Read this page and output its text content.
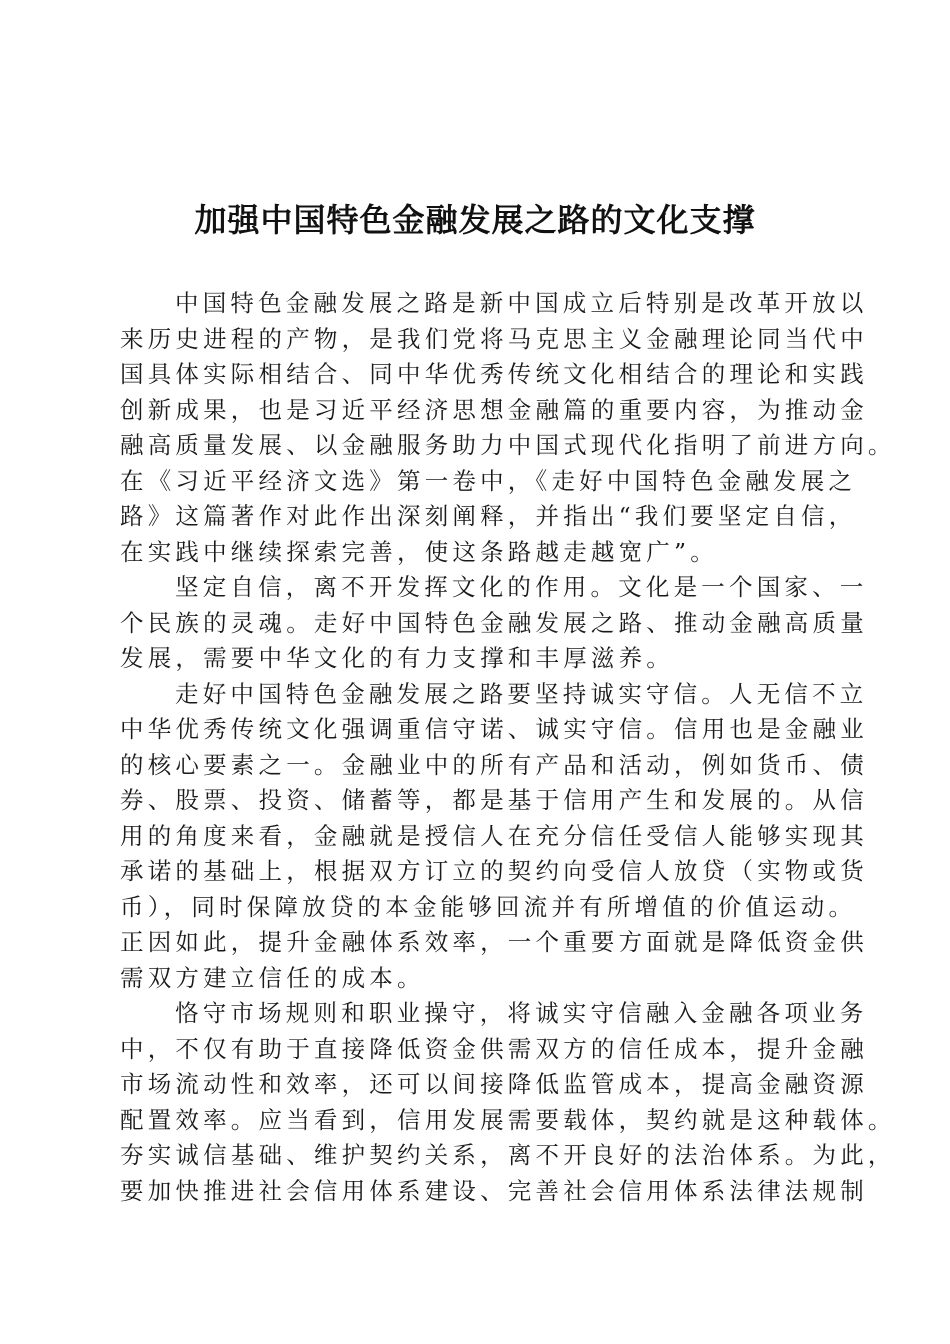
加强中国特色金融发展之路的文化支撑

中国特色金融发展之路是新中国成立后特别是改革开放以
来历史进程的产物，是我们党将马克思主义金融理论同当代中
国具体实际相结合、同中华优秀传统文化相结合的理论和实践
创新成果，也是习近平经济思想金融篇的重要内容，为推动金
融高质量发展、以金融服务助力中国式现代化指明了前进方向。
在《习近平经济文选》第一卷中，《走好中国特色金融发展之
路》这篇著作对此作出深刻阐释，并指出“我们要坚定自信，
在实践中继续探索完善，使这条路越走越宽广”。

坚定自信，离不开发挥文化的作用。文化是一个国家、一
个民族的灵魂。走好中国特色金融发展之路、推动金融高质量
发展，需要中华文化的有力支撑和丰厚滋养。

走好中国特色金融发展之路要坚持诚实守信。人无信不立
中华优秀传统文化强调重信守诺、诚实守信。信用也是金融业
的核心要素之一。金融业中的所有产品和活动，例如货币、债
券、股票、投资、储蓄等，都是基于信用产生和发展的。从信
用的角度来看，金融就是授信人在充分信任受信人能够实现其
承诺的基础上，根据双方订立的契约向受信人放贷（实物或货
币），同时保障放贷的本金能够回流并有所增值的价值运动。
正因如此，提升金融体系效率，一个重要方面就是降低资金供
需双方建立信任的成本。

恪守市场规则和职业操守，将诚实守信融入金融各项业务
中，不仅有助于直接降低资金供需双方的信任成本，提升金融
市场流动性和效率，还可以间接降低监管成本，提高金融资源
配置效率。应当看到，信用发展需要载体，契约就是这种载体。
夯实诚信基础、维护契约关系，离不开良好的法治体系。为此，
要加快推进社会信用体系建设、完善社会信用体系法律法规制
